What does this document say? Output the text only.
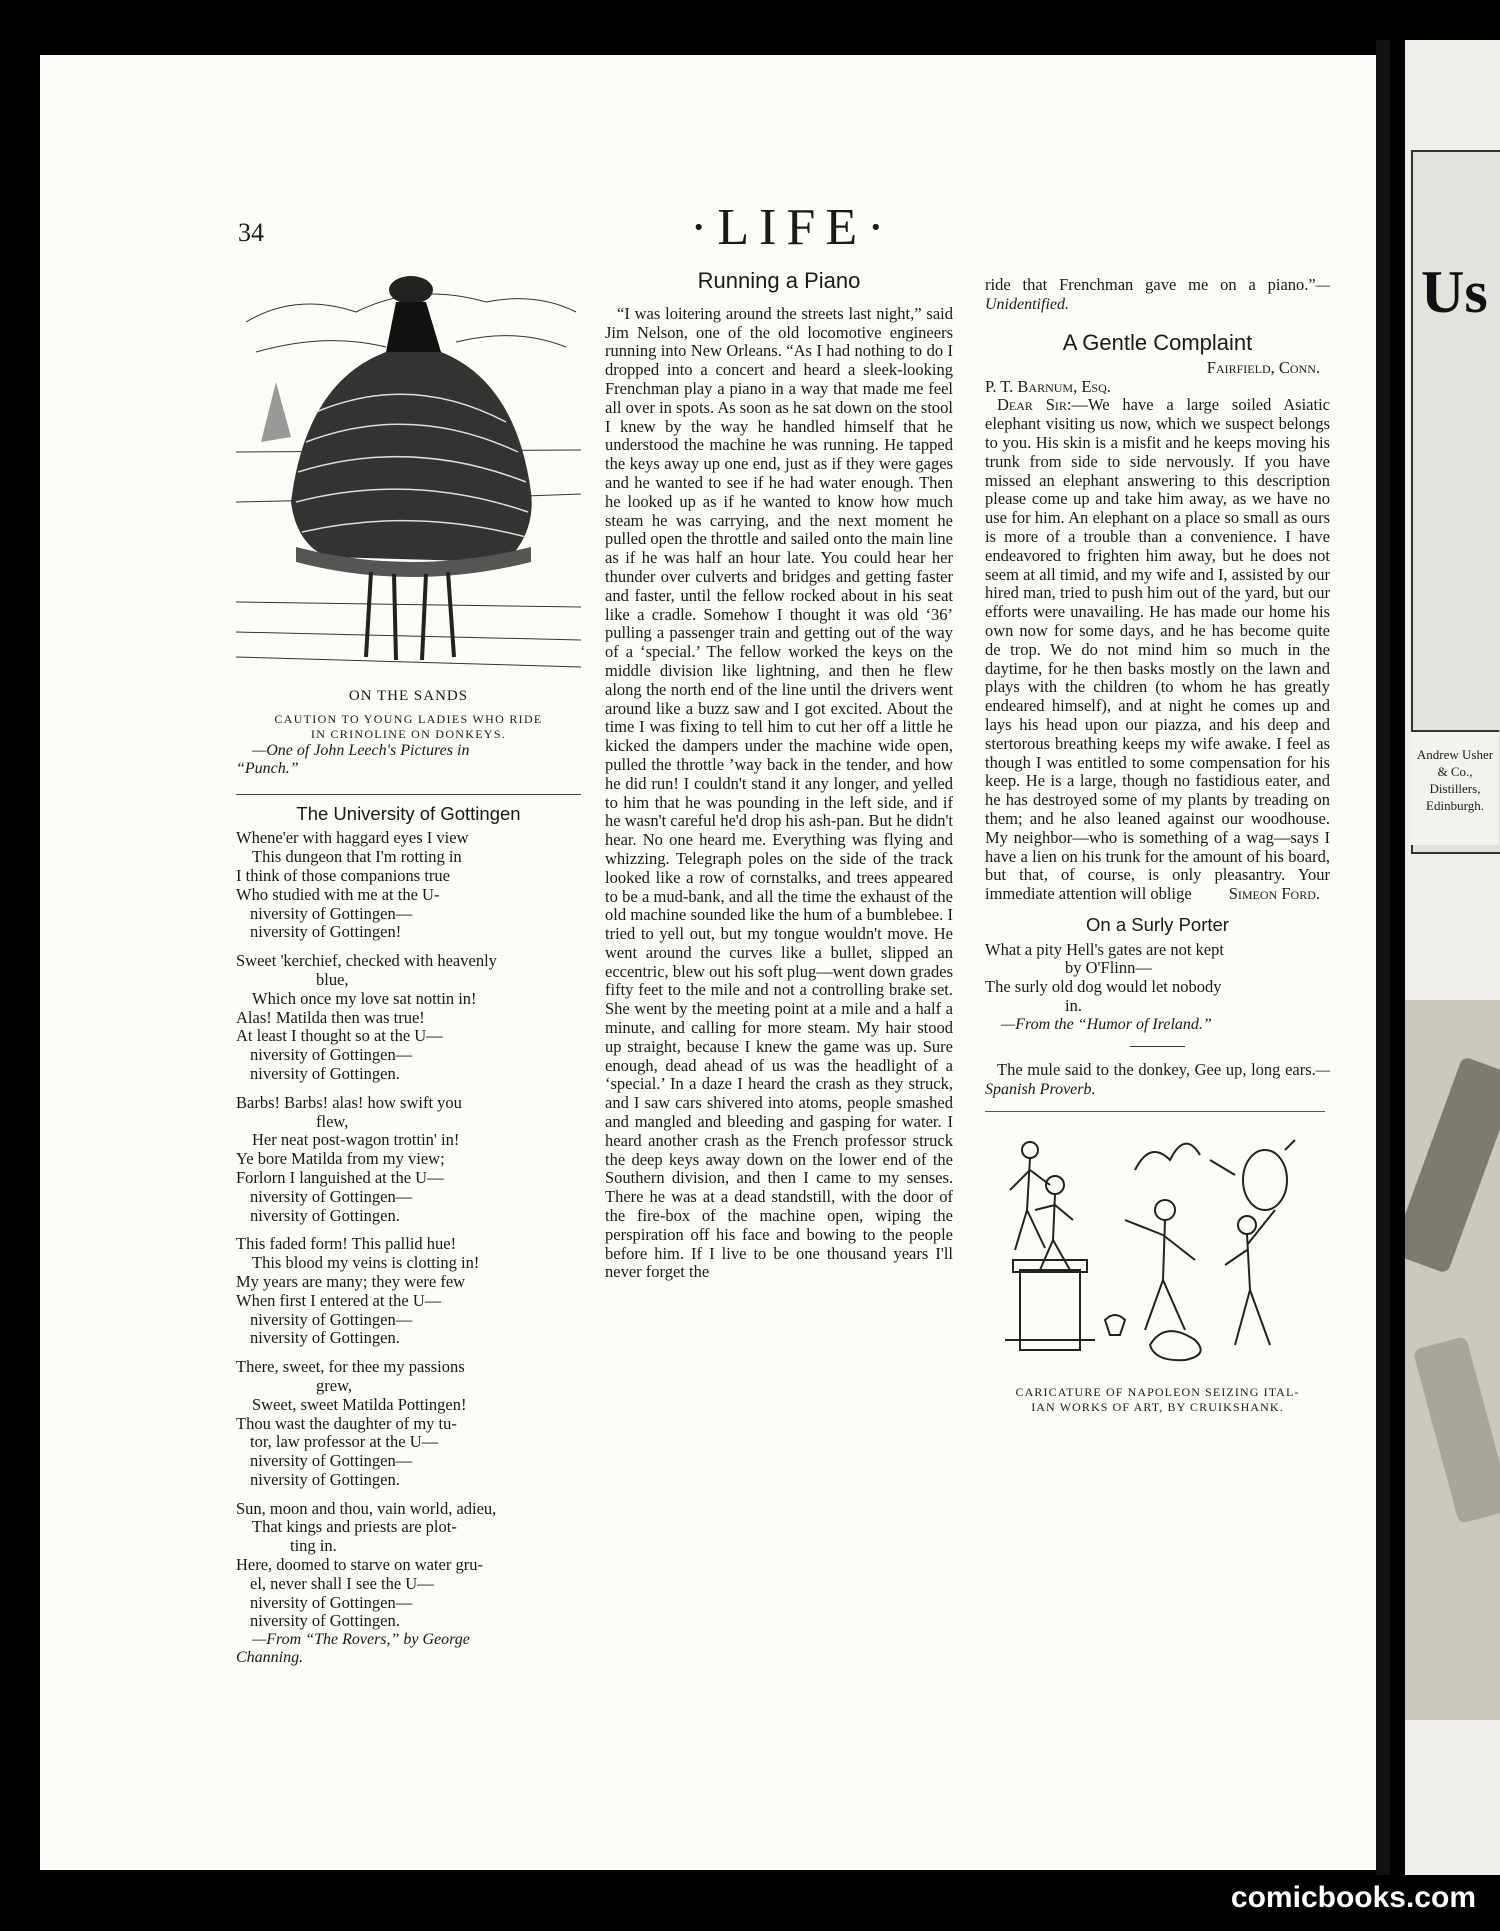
Us
Andrew Usher
& Co.,
Distillers,
Edinburgh.
34	·LIFE·
ON THE SANDS
CAUTION TO YOUNG LADIES WHO RIDE
IN CRINOLINE ON DONKEYS.
—One of John Leech's Pictures in
“Punch.”
The University of Gottingen
Whene'er with haggard eyes I view
This dungeon that I'm rotting in
I think of those companions true
Who studied with me at the U-
niversity of Gottingen—
niversity of Gottingen!
Sweet 'kerchief, checked with heavenly
blue,
Which once my love sat nottin in!
Alas! Matilda then was true!
At least I thought so at the U—
niversity of Gottingen—
niversity of Gottingen.
Barbs! Barbs! alas! how swift you
flew,
Her neat post-wagon trottin' in!
Ye bore Matilda from my view;
Forlorn I languished at the U—
niversity of Gottingen—
niversity of Gottingen.
This faded form! This pallid hue!
This blood my veins is clotting in!
My years are many; they were few
When first I entered at the U—
niversity of Gottingen—
niversity of Gottingen.
There, sweet, for thee my passions
grew,
Sweet, sweet Matilda Pottingen!
Thou wast the daughter of my tu-
tor, law professor at the U—
niversity of Gottingen—
niversity of Gottingen.
Sun, moon and thou, vain world, adieu,
That kings and priests are plot-
ting in.
Here, doomed to starve on water gru-
el, never shall I see the U—
niversity of Gottingen—
niversity of Gottingen.
—From “The Rovers,” by George
Channing.
Running a Piano

“I was loitering around the streets last night,” said Jim Nelson, one of the old locomotive engineers running into New Orleans. “As I had nothing to do I dropped into a concert and heard a sleek-looking Frenchman play a piano in a way that made me feel all over in spots. As soon as he sat down on the stool I knew by the way he handled himself that he understood the machine he was running. He tapped the keys away up one end, just as if they were gages and he wanted to see if he had water enough. Then he looked up as if he wanted to know how much steam he was carrying, and the next moment he pulled open the throttle and sailed onto the main line as if he was half an hour late. You could hear her thunder over culverts and bridges and getting faster and faster, until the fellow rocked about in his seat like a cradle. Somehow I thought it was old ‘36’ pulling a passenger train and getting out of the way of a ‘special.’ The fellow worked the keys on the middle division like lightning, and then he flew along the north end of the line until the drivers went around like a buzz saw and I got excited. About the time I was fixing to tell him to cut her off a little he kicked the dampers under the machine wide open, pulled the throttle ’way back in the tender, and how he did run! I couldn't stand it any longer, and yelled to him that he was pounding in the left side, and if he wasn't careful he'd drop his ash-pan. But he didn't hear. No one heard me. Everything was flying and whizzing. Telegraph poles on the side of the track looked like a row of cornstalks, and trees appeared to be a mud-bank, and all the time the exhaust of the old machine sounded like the hum of a bumblebee. I tried to yell out, but my tongue wouldn't move. He went around the curves like a bullet, slipped an eccentric, blew out his soft plug—went down grades fifty feet to the mile and not a controlling brake set. She went by the meeting point at a mile and a half a minute, and calling for more steam. My hair stood up straight, because I knew the game was up. Sure enough, dead ahead of us was the headlight of a ‘special.’ In a daze I heard the crash as they struck, and I saw cars shivered into atoms, people smashed and mangled and bleeding and gasping for water. I heard another crash as the French professor struck the deep keys away down on the lower end of the Southern division, and then I came to my senses. There he was at a dead standstill, with the door of the fire-box of the machine open, wiping the perspiration off his face and bowing to the people before him. If I live to be one thousand years I'll never forget the

ride that Frenchman gave me on a piano.”—Unidentified.
A Gentle Complaint
Fairfield, Conn.
P. T. Barnum, Esq.

Dear Sir:—We have a large soiled Asiatic elephant visiting us now, which we suspect belongs to you. His skin is a misfit and he keeps moving his trunk from side to side nervously. If you have missed an elephant answering to this description please come up and take him away, as we have no use for him. An elephant on a place so small as ours is more of a trouble than a convenience. I have endeavored to frighten him away, but he does not seem at all timid, and my wife and I, assisted by our hired man, tried to push him out of the yard, but our efforts were unavailing. He has made our home his own now for some days, and he has become quite de trop. We do not mind him so much in the daytime, for he then basks mostly on the lawn and plays with the children (to whom he has greatly endeared himself), and at night he comes up and lays his head upon our piazza, and his deep and stertorous breathing keeps my wife awake. I feel as though I was entitled to some compensation for his keep. He is a large, though no fastidious eater, and he has destroyed some of my plants by treading on them; and he also leaned against our woodhouse. My neighbor—who is something of a wag—says I have a lien on his trunk for the amount of his board, but that, of course, is only pleasantry. Your immediate attention will oblige	Simeon Ford.
On a Surly Porter
What a pity Hell's gates are not kept
by O'Flinn—
The surly old dog would let nobody
in.
—From the “Humor of Ireland.”

The mule said to the donkey, Gee up, long ears.—Spanish Proverb.

CARICATURE OF NAPOLEON SEIZING ITAL-
IAN WORKS OF ART, BY CRUIKSHANK.
comicbooks.com
